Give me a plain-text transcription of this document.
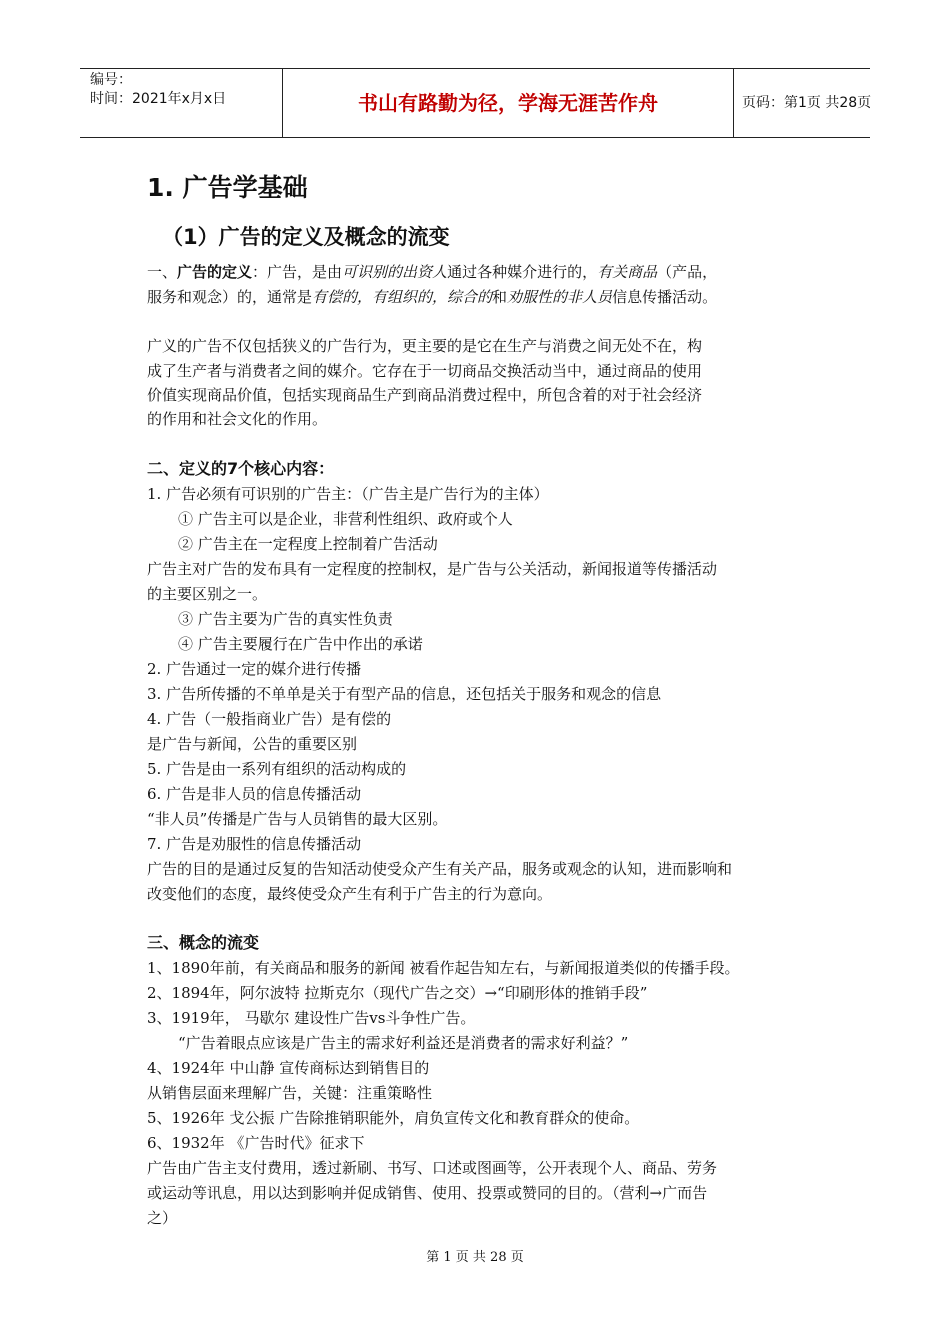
编号：
时间：2021年x月x日	书山有路勤为径，学海无涯苦作舟	页码：第1页 共28页
1. 广告学基础
（1）广告的定义及概念的流变
一、广告的定义：广告，是由可识别的出资人通过各种媒介进行的，有关商品（产品，
服务和观念）的，通常是有偿的，有组织的，综合的和劝服性的非人员信息传播活动。
广义的广告不仅包括狭义的广告行为，更主要的是它在生产与消费之间无处不在，构
成了生产者与消费者之间的媒介。它存在于一切商品交换活动当中，通过商品的使用
价值实现商品价值，包括实现商品生产到商品消费过程中，所包含着的对于社会经济
的作用和社会文化的作用。
二、定义的7个核心内容：
1. 广告必须有可识别的广告主：（广告主是广告行为的主体）
① 广告主可以是企业，非营利性组织、政府或个人
② 广告主在一定程度上控制着广告活动
广告主对广告的发布具有一定程度的控制权，是广告与公关活动，新闻报道等传播活动
的主要区别之一。
③ 广告主要为广告的真实性负责
④ 广告主要履行在广告中作出的承诺
2. 广告通过一定的媒介进行传播
3. 广告所传播的不单单是关于有型产品的信息，还包括关于服务和观念的信息
4. 广告（一般指商业广告）是有偿的
是广告与新闻，公告的重要区别
5. 广告是由一系列有组织的活动构成的
6. 广告是非人员的信息传播活动
“非人员”传播是广告与人员销售的最大区别。
7. 广告是劝服性的信息传播活动
广告的目的是通过反复的告知活动使受众产生有关产品，服务或观念的认知，进而影响和
改变他们的态度，最终使受众产生有利于广告主的行为意向。
三、概念的流变
1、1890年前，有关商品和服务的新闻 被看作起告知左右，与新闻报道类似的传播手段。
2、1894年，阿尔波特 拉斯克尔（现代广告之交）→“印刷形体的推销手段”
3、1919年， 马歇尔 建设性广告vs斗争性广告。
“广告着眼点应该是广告主的需求好利益还是消费者的需求好利益？”
4、1924年 中山静 宣传商标达到销售目的
从销售层面来理解广告，关键：注重策略性
5、1926年 戈公振 广告除推销职能外，肩负宣传文化和教育群众的使命。
6、1932年 《广告时代》征求下
广告由广告主支付费用，透过新刷、书写、口述或图画等，公开表现个人、商品、劳务
或运动等讯息，用以达到影响并促成销售、使用、投票或赞同的目的。（营利→广而告
之）
第 1 页 共 28 页
